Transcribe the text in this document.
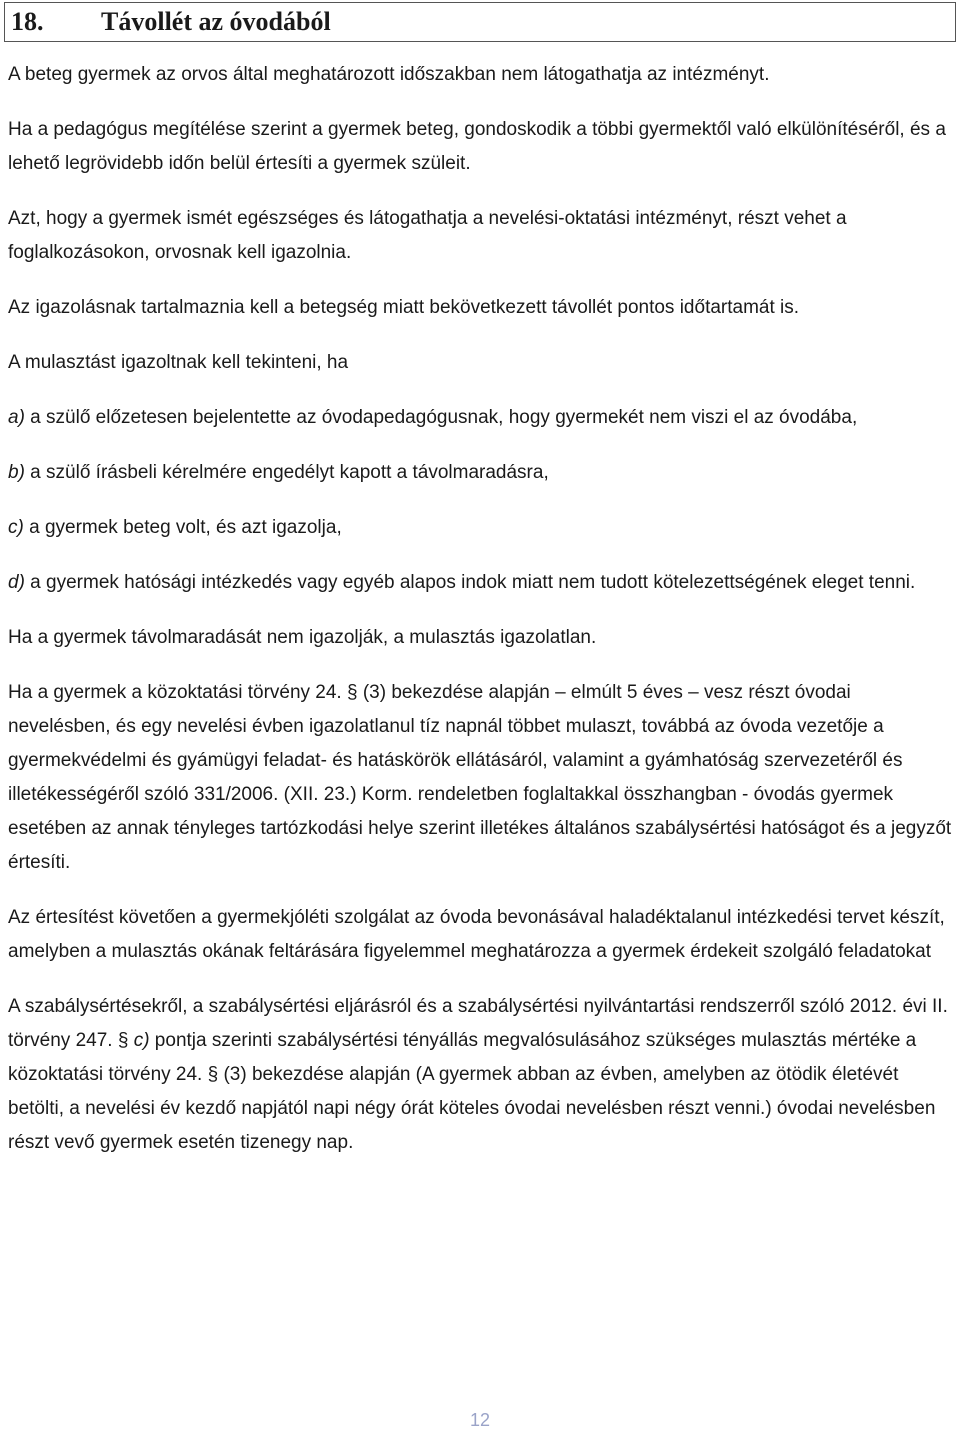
18. Távollét az óvodából

A beteg gyermek az orvos által meghatározott időszakban nem látogathatja az intézményt.

Ha a pedagógus megítélése szerint a gyermek beteg, gondoskodik a többi gyermektől való elkülönítéséről, és a lehető legrövidebb időn belül értesíti a gyermek szüleit.

Azt, hogy a gyermek ismét egészséges és látogathatja a nevelési-oktatási intézményt, részt vehet a foglalkozásokon, orvosnak kell igazolnia.

Az igazolásnak tartalmaznia kell a betegség miatt bekövetkezett távollét pontos időtartamát is.

A mulasztást igazoltnak kell tekinteni, ha

a) a szülő előzetesen bejelentette az óvodapedagógusnak, hogy gyermekét nem viszi el az óvodába,

b) a szülő írásbeli kérelmére engedélyt kapott a távolmaradásra,

c) a gyermek beteg volt, és azt igazolja,

d) a gyermek hatósági intézkedés vagy egyéb alapos indok miatt nem tudott kötelezettségének eleget tenni.

Ha a gyermek távolmaradását nem igazolják, a mulasztás igazolatlan.

Ha a gyermek a közoktatási törvény 24. § (3) bekezdése alapján – elmúlt 5 éves – vesz részt óvodai nevelésben, és egy nevelési évben igazolatlanul tíz napnál többet mulaszt, továbbá az óvoda vezetője a gyermekvédelmi és gyámügyi feladat- és hatáskörök ellátásáról, valamint a gyámhatóság szervezetéről és illetékességéről szóló 331/2006. (XII. 23.) Korm. rendeletben foglaltakkal összhangban - óvodás gyermek esetében az annak tényleges tartózkodási helye szerint illetékes általános szabálysértési hatóságot és a jegyzőt értesíti.

Az értesítést követően a gyermekjóléti szolgálat az óvoda bevonásával haladéktalanul intézkedési tervet készít, amelyben a mulasztás okának feltárására figyelemmel meghatározza a gyermek érdekeit szolgáló feladatokat

A szabálysértésekről, a szabálysértési eljárásról és a szabálysértési nyilvántartási rendszerről szóló 2012. évi II. törvény 247. § c) pontja szerinti szabálysértési tényállás megvalósulásához szükséges mulasztás mértéke a közoktatási törvény 24. § (3) bekezdése alapján (A gyermek abban az évben, amelyben az ötödik életévét betölti, a nevelési év kezdő napjától napi négy órát köteles óvodai nevelésben részt venni.) óvodai nevelésben részt vevő gyermek esetén tizenegy nap.

12
